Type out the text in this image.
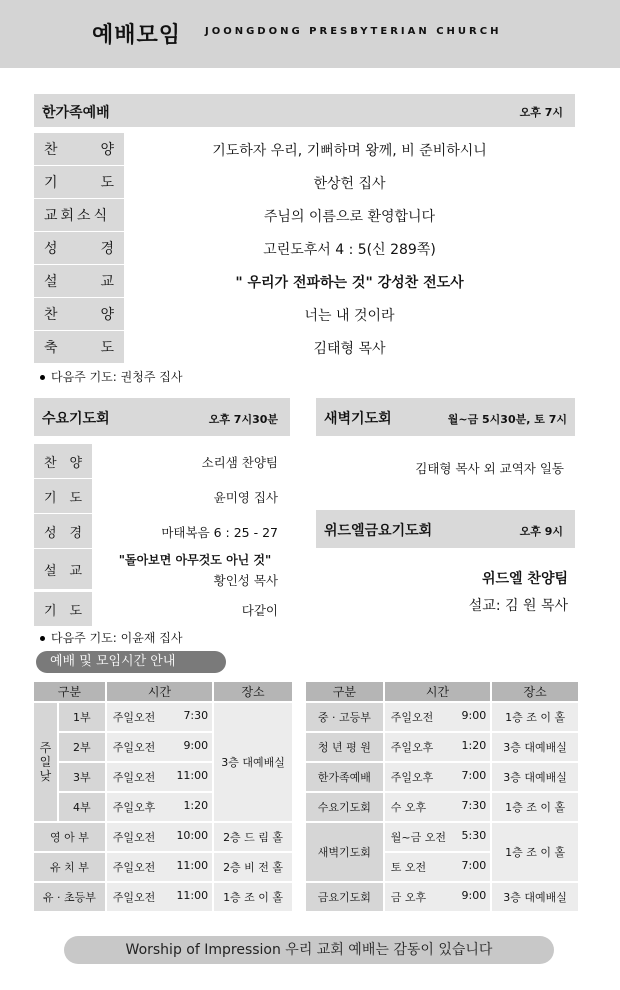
예배모임 JOONGDONG PRESBYTERIAN CHURCH
한가족예배	오후 7시
찬	양	기도하자 우리, 기뻐하며 왕께, 비 준비하시니
기	도	한상헌 집사
교회소식	주님의 이름으로 환영합니다
성	경	고린도후서 4 : 5(신 289쪽)
설	교	" 우리가 전파하는 것" 강성찬 전도사
찬	양	너는 내 것이라
축	도	김태형 목사
다음주 기도: 권청주 집사
수요기도회	오후 7시30분
찬 양	소리샘 찬양팀
기 도	윤미영 집사
성 경	마태복음 6 : 25 - 27
설 교
"돌아보면 아무것도 아닌 것"
황인성 목사
기 도	다같이
다음주 기도: 이윤재 집사
새벽기도회	월~금 5시30분, 토 7시
김태형 목사 외 교역자 일동
위드엘금요기도회	오후 9시
위드엘 찬양팀
설교: 김 원 목사
예배 및 모임시간 안내
구분		시간	장소
주일낮	1부	주일오전 7:30	3층 대예배실
	2부	주일오전 9:00	

	3부	주일오전 11:00	

	4부	주일오후 1:20	

영 아 부		주일오전 10:00	2층 드 림 홀
유 치 부		주일오전 11:00	2층 비 전 홀
유 · 초등부		주일오전 11:00	1층 조 이 홀
구분	시간	장소
중 · 고등부	주일오전 9:00	1층 조 이 홀
청 년 평 원	주일오후 1:20	3층 대예배실
한가족예배	주일오후 7:00	3층 대예배실
수요기도회	수 오후 7:30	1층 조 이 홀
새벽기도회	월~금 오전 5:30	1층 조 이 홀
	토 오전 7:00	

금요기도회	금 오후 9:00	3층 대예배실
Worship of Impression 우리 교회 예배는 감동이 있습니다
